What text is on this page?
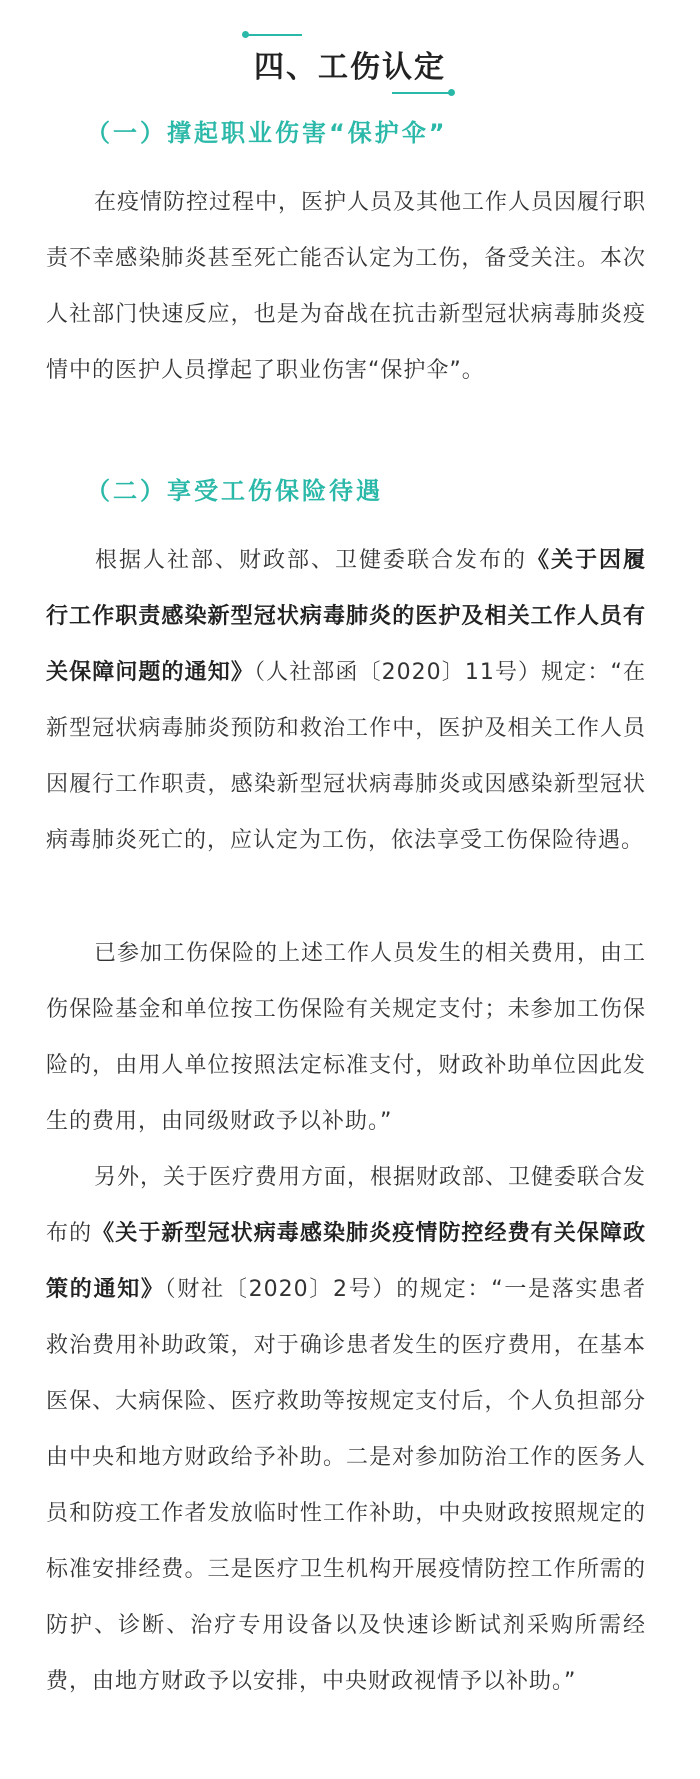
四、工伤认定
（一）撑起职业伤害“保护伞”
在疫情防控过程中，医护人员及其他工作人员因履行职责不幸感染肺炎甚至死亡能否认定为工伤，备受关注。本次人社部门快速反应，也是为奋战在抗击新型冠状病毒肺炎疫情中的医护人员撑起了职业伤害“保护伞”。
（二）享受工伤保险待遇
根据人社部、财政部、卫健委联合发布的《关于因履行工作职责感染新型冠状病毒肺炎的医护及相关工作人员有关保障问题的通知》（人社部函〔2020〕11号）规定：“在新型冠状病毒肺炎预防和救治工作中，医护及相关工作人员因履行工作职责，感染新型冠状病毒肺炎或因感染新型冠状病毒肺炎死亡的，应认定为工伤，依法享受工伤保险待遇。
已参加工伤保险的上述工作人员发生的相关费用，由工伤保险基金和单位按工伤保险有关规定支付；未参加工伤保险的，由用人单位按照法定标准支付，财政补助单位因此发生的费用，由同级财政予以补助。”
另外，关于医疗费用方面，根据财政部、卫健委联合发布的《关于新型冠状病毒感染肺炎疫情防控经费有关保障政策的通知》（财社〔2020〕2号）的规定：“一是落实患者救治费用补助政策，对于确诊患者发生的医疗费用，在基本医保、大病保险、医疗救助等按规定支付后，个人负担部分由中央和地方财政给予补助。二是对参加防治工作的医务人员和防疫工作者发放临时性工作补助，中央财政按照规定的标准安排经费。三是医疗卫生机构开展疫情防控工作所需的防护、诊断、治疗专用设备以及快速诊断试剂采购所需经费，由地方财政予以安排，中央财政视情予以补助。”
